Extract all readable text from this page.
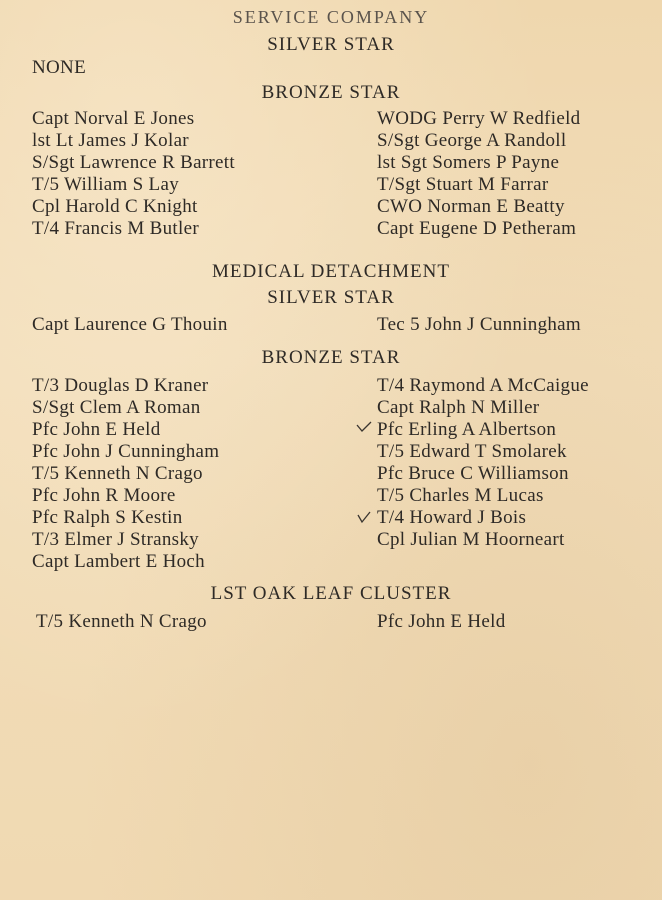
SERVICE COMPANY
SILVER STAR
NONE
BRONZE STAR
Capt Norval E Jones
lst Lt James J Kolar
S/Sgt Lawrence R Barrett
T/5 William S Lay
Cpl Harold C Knight
T/4 Francis M Butler
WODG Perry W Redfield
S/Sgt George A Randoll
lst Sgt Somers P Payne
T/Sgt Stuart M Farrar
CWO Norman E Beatty
Capt Eugene D Petheram
MEDICAL DETACHMENT
SILVER STAR
Capt Laurence G Thouin	Tec 5 John J Cunningham
BRONZE STAR
T/3 Douglas D Kraner
S/Sgt Clem A Roman
Pfc John E Held
Pfc John J Cunningham
T/5 Kenneth N Crago
Pfc John R Moore
Pfc Ralph S Kestin
T/3 Elmer J Stransky
Capt Lambert E Hoch
T/4 Raymond A McCaigue
Capt Ralph N Miller
Pfc Erling A Albertson
T/5 Edward T Smolarek
Pfc Bruce C Williamson
T/5 Charles M Lucas
T/4 Howard J Bois
Cpl Julian M Hoorneart
LST OAK LEAF CLUSTER
T/5 Kenneth N Crago	Pfc John E Held
